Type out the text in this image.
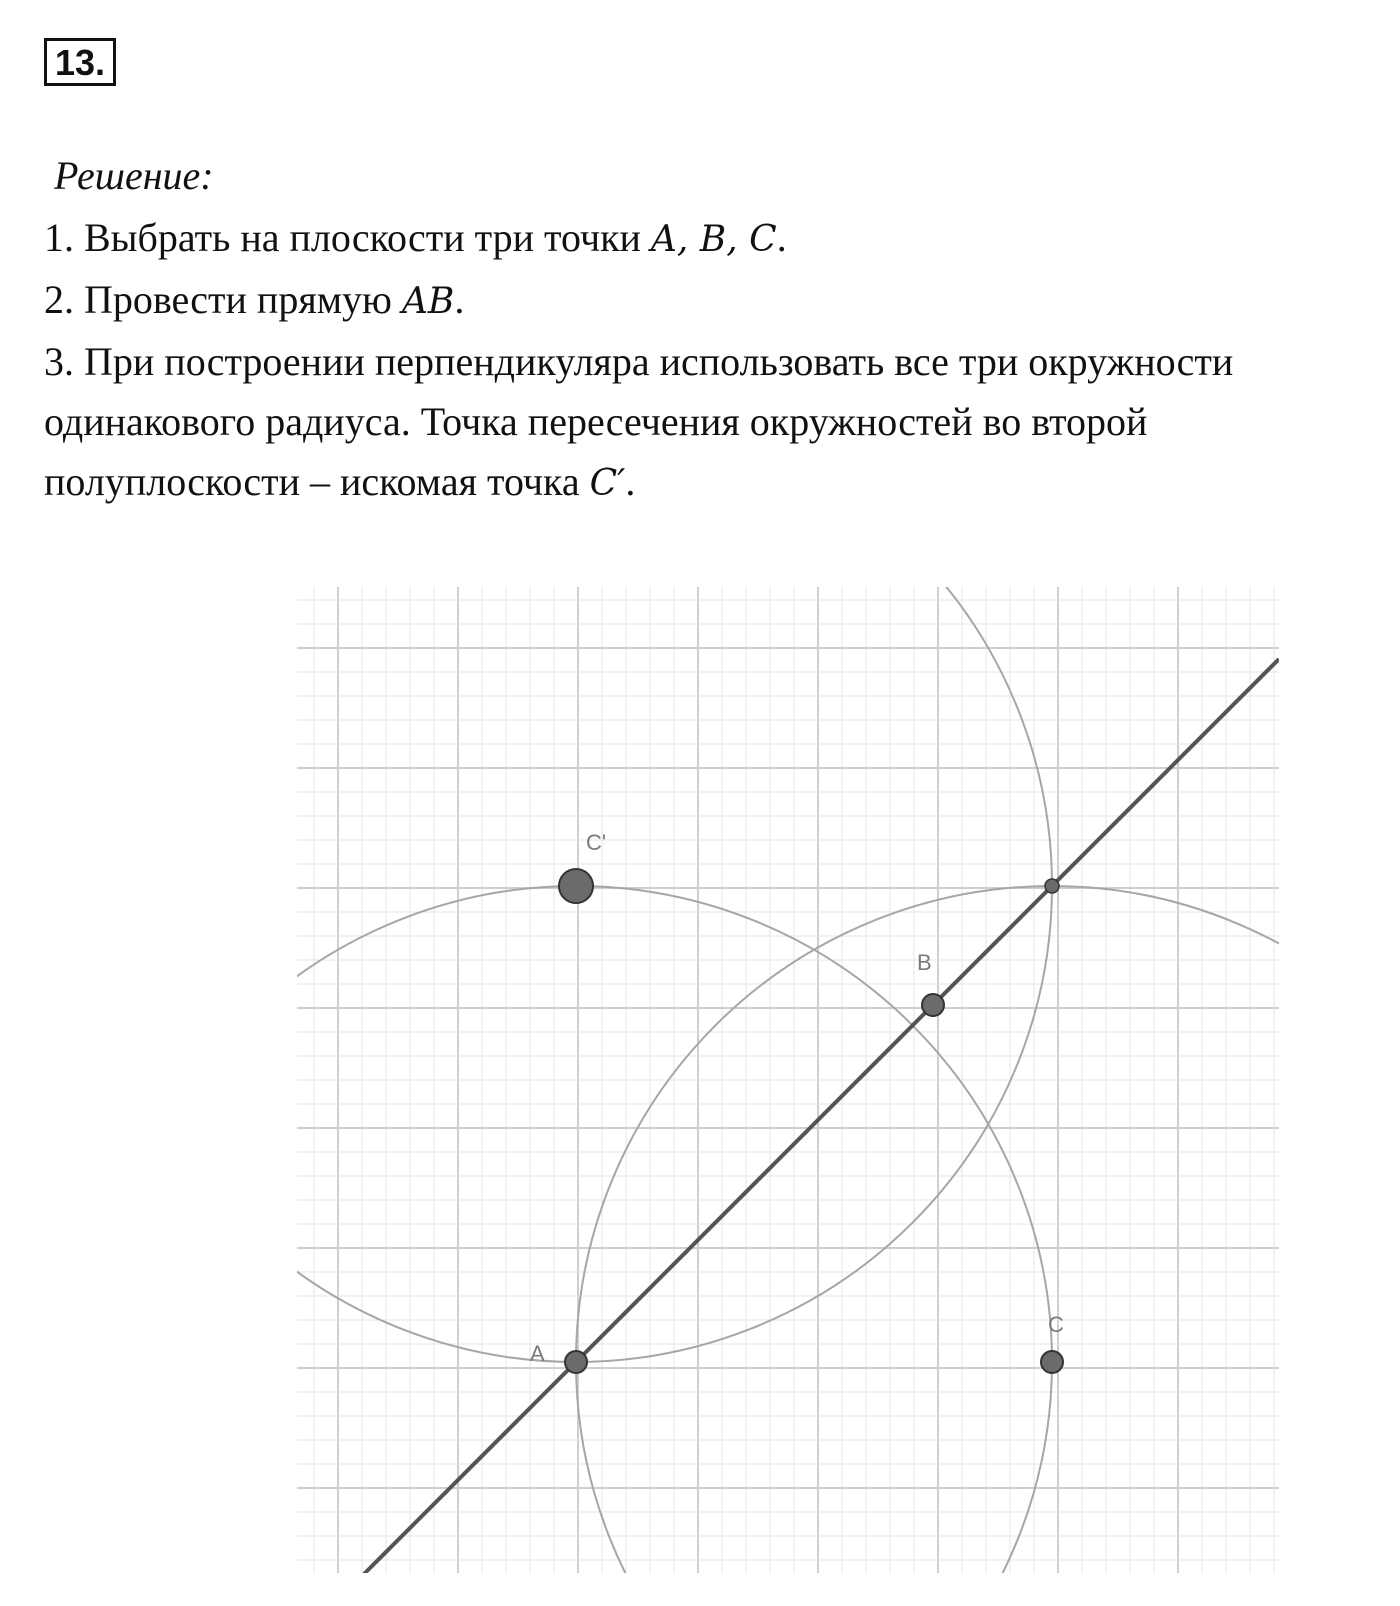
13.
Решение:

1. Выбрать на плоскости три точки A, B, C.

2. Провести прямую AB.

3. При построении перпендикуляра использовать все три окружности одинакового радиуса. Точка пересечения окружностей во второй полуплоскости – искомая точка C′.

A
B
C
C'
